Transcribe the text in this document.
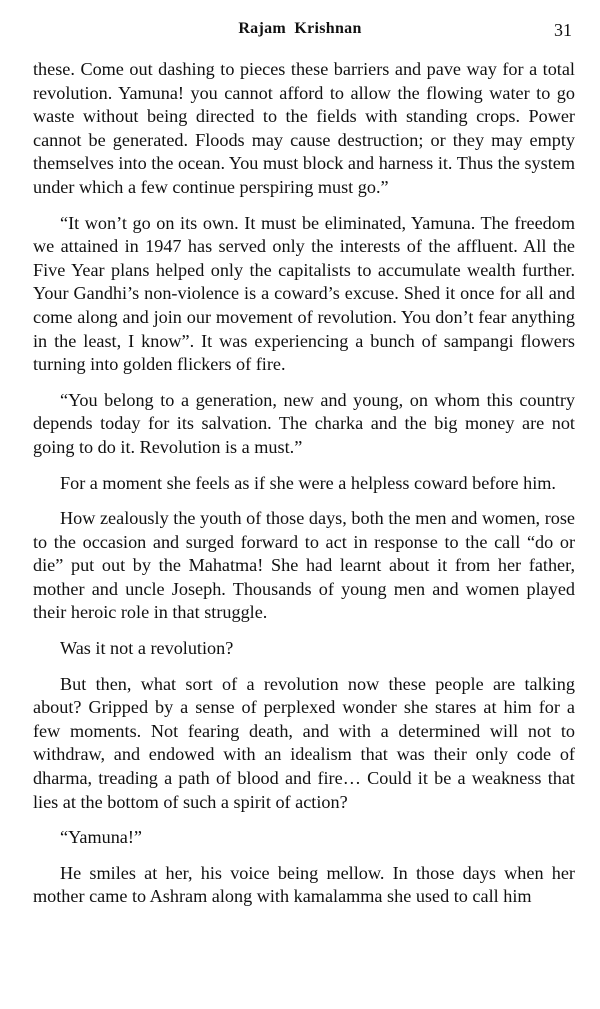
Rajam Krishnan	31

these. Come out dashing to pieces these barriers and pave way for a total revolution. Yamuna! you cannot afford to allow the flowing water to go waste without being directed to the fields with standing crops. Power cannot be generated. Floods may cause destruction; or they may empty themselves into the ocean. You must block and harness it. Thus the system under which a few continue perspiring must go.”

“It won’t go on its own. It must be eliminated, Yamuna. The freedom we attained in 1947 has served only the interests of the affluent. All the Five Year plans helped only the capitalists to accumulate wealth further. Your Gandhi’s non-violence is a coward’s excuse. Shed it once for all and come along and join our movement of revolution. You don’t fear anything in the least, I know”. It was experiencing a bunch of sampangi flowers turning into golden flickers of fire.

“You belong to a generation, new and young, on whom this country depends today for its salvation. The charka and the big money are not going to do it. Revolution is a must.”

For a moment she feels as if she were a helpless coward before him.

How zealously the youth of those days, both the men and women, rose to the occasion and surged forward to act in response to the call “do or die” put out by the Mahatma! She had learnt about it from her father, mother and uncle Joseph. Thousands of young men and women played their heroic role in that struggle.

Was it not a revolution?

But then, what sort of a revolution now these people are talking about? Gripped by a sense of perplexed wonder she stares at him for a few moments. Not fearing death, and with a determined will not to withdraw, and endowed with an idealism that was their only code of dharma, treading a path of blood and fire… Could it be a weakness that lies at the bottom of such a spirit of action?

“Yamuna!”

He smiles at her, his voice being mellow. In those days when her mother came to Ashram along with kamalamma she used to call him
